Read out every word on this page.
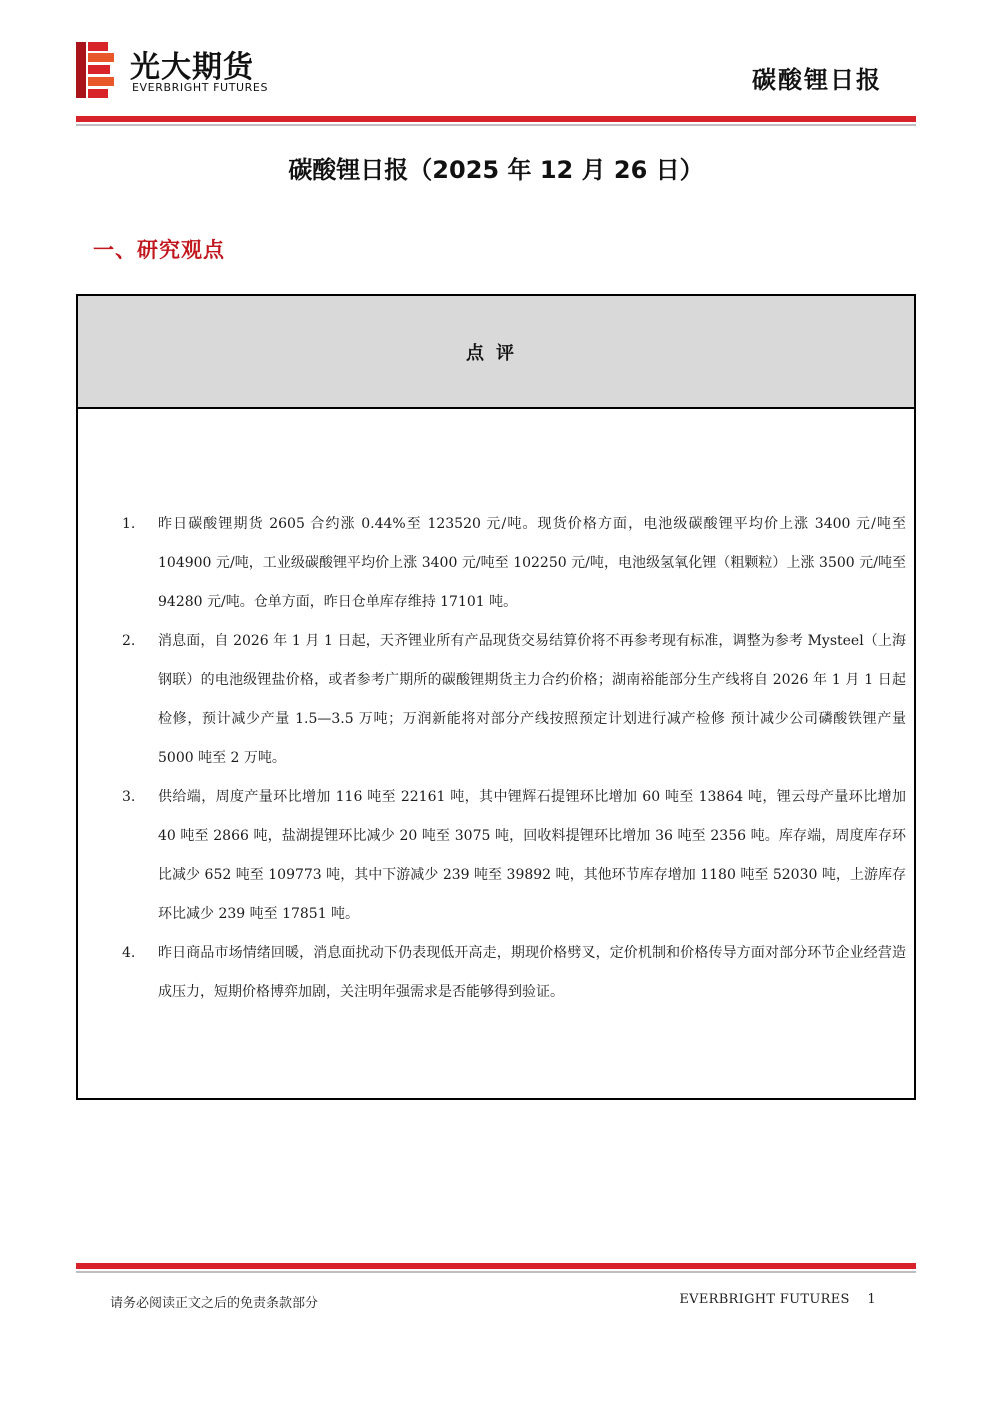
光大期货
EVERBRIGHT FUTURES	碳酸锂日报
碳酸锂日报（2025 年 12 月 26 日）
一、研究观点
点评
1. 昨日碳酸锂期货 2605 合约涨 0.44%至 123520 元/吨。现货价格方面，电池级碳酸锂平均价上涨 3400 元/吨至 104900 元/吨，工业级碳酸锂平均价上涨 3400 元/吨至 102250 元/吨，电池级氢氧化锂（粗颗粒）上涨 3500 元/吨至 94280 元/吨。仓单方面，昨日仓单库存维持 17101 吨。

2. 消息面，自 2026 年 1 月 1 日起，天齐锂业所有产品现货交易结算价将不再参考现有标准，调整为参考 Mysteel（上海钢联）的电池级锂盐价格，或者参考广期所的碳酸锂期货主力合约价格；湖南裕能部分生产线将自 2026 年 1 月 1 日起检修，预计减少产量 1.5—3.5 万吨；万润新能将对部分产线按照预定计划进行减产检修 预计减少公司磷酸铁锂产量 5000 吨至 2 万吨。

3. 供给端，周度产量环比增加 116 吨至 22161 吨，其中锂辉石提锂环比增加 60 吨至 13864 吨，锂云母产量环比增加 40 吨至 2866 吨，盐湖提锂环比减少 20 吨至 3075 吨，回收料提锂环比增加 36 吨至 2356 吨。库存端，周度库存环比减少 652 吨至 109773 吨，其中下游减少 239 吨至 39892 吨，其他环节库存增加 1180 吨至 52030 吨，上游库存环比减少 239 吨至 17851 吨。

4. 昨日商品市场情绪回暖，消息面扰动下仍表现低开高走，期现价格劈叉，定价机制和价格传导方面对部分环节企业经营造成压力，短期价格博弈加剧，关注明年强需求是否能够得到验证。

请务必阅读正文之后的免责条款部分	EVERBRIGHT FUTURES 1
